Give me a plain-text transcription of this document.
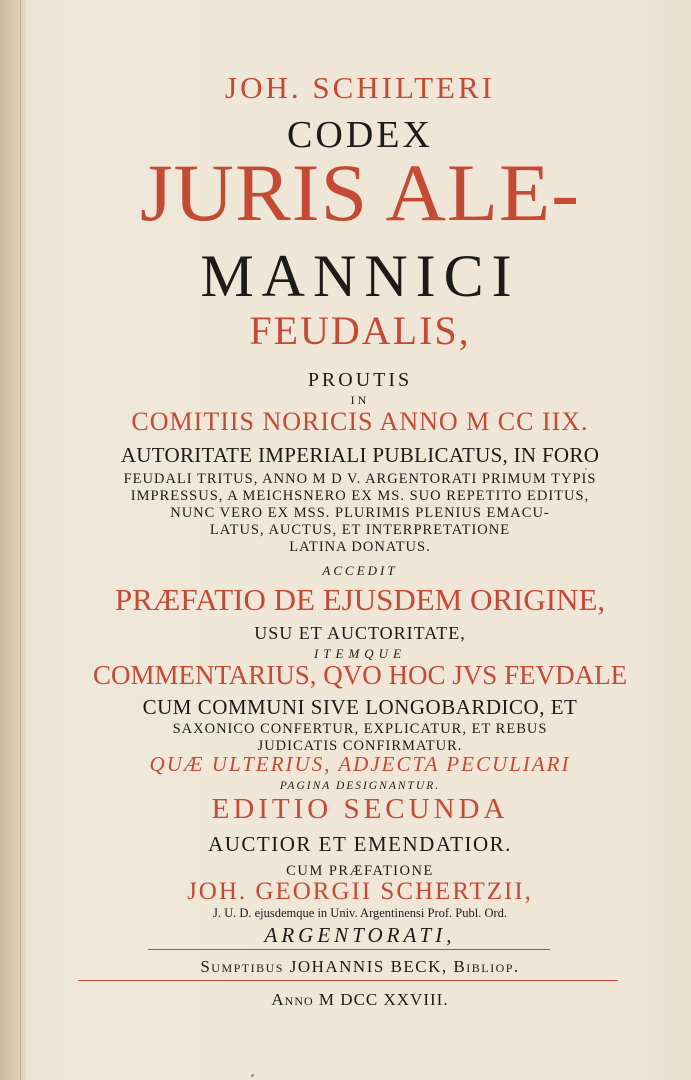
JOH. SCHILTERI

CODEX

JURIS ALE-

MANNICI

FEUDALIS,

PROUTIS

IN

COMITIIS NORICIS ANNO M CC IIX.

AUTORITATE IMPERIALI PUBLICATUS, IN FORO

FEUDALI TRITUS, ANNO M D V. ARGENTORATI PRIMUM TYPIS

IMPRESSUS, A MEICHSNERO EX MS. SUO REPETITO EDITUS,

NUNC VERO EX MSS. PLURIMIS PLENIUS EMACU-

LATUS, AUCTUS, ET INTERPRETATIONE

LATINA DONATUS.

ACCEDIT

PRÆFATIO DE EJUSDEM ORIGINE,

USU ET AUCTORITATE,

ITEMQUE

COMMENTARIUS, QVO HOC JVS FEVDALE

CUM COMMUNI SIVE LONGOBARDICO, ET

SAXONICO CONFERTUR, EXPLICATUR, ET REBUS

JUDICATIS CONFIRMATUR.

QUÆ ULTERIUS, ADJECTA PECULIARI

PAGINA DESIGNANTUR.

EDITIO SECUNDA

AUCTIOR ET EMENDATIOR.

CUM PRÆFATIONE

JOH. GEORGII SCHERTZII,

J. U. D. ejusdemque in Univ. Argentinensi Prof. Publ. Ord.

ARGENTORATI,

Sumptibus JOHANNIS BECK, Bibliop.

Anno M DCC XXVIII.
